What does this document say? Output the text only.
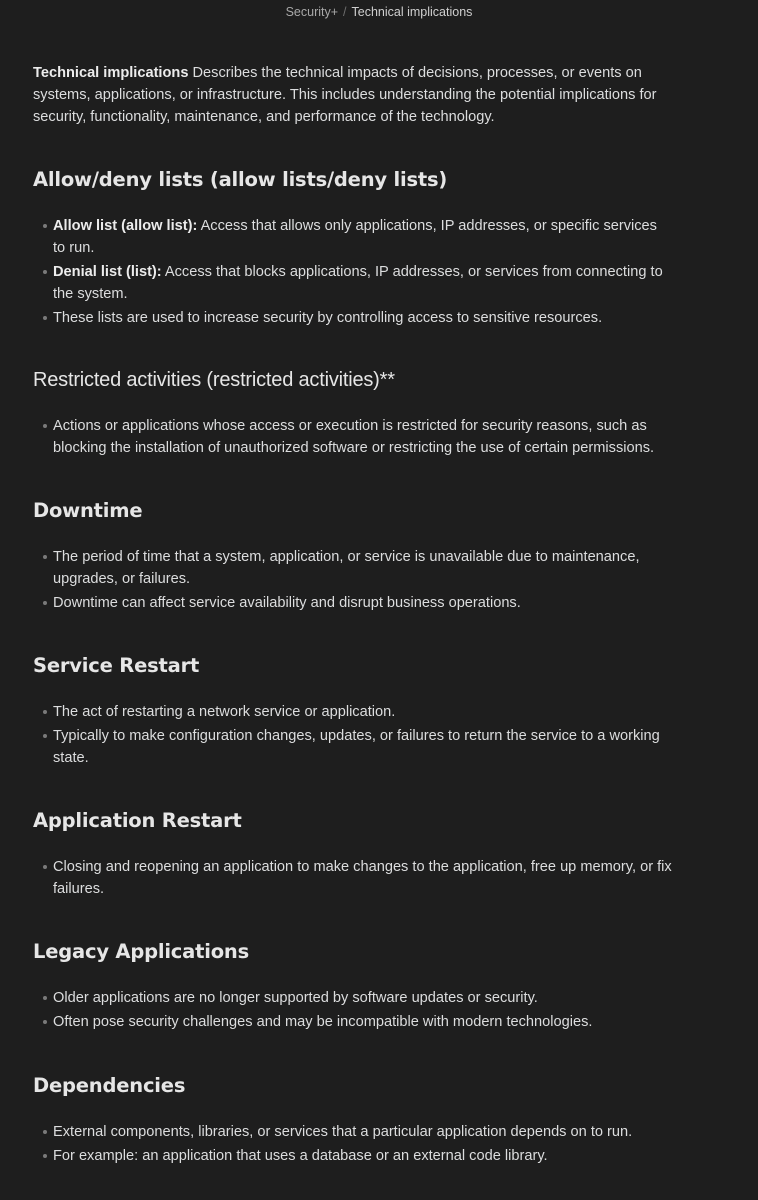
Security+ / Technical implications

Technical implications Describes the technical impacts of decisions, processes, or events on systems, applications, or infrastructure. This includes understanding the potential implications for security, functionality, maintenance, and performance of the technology.

Allow/deny lists (allow lists/deny lists)
Allow list (allow list): Access that allows only applications, IP addresses, or specific services to run.
Denial list (list): Access that blocks applications, IP addresses, or services from connecting to the system.
These lists are used to increase security by controlling access to sensitive resources.
Restricted activities (restricted activities)**
Actions or applications whose access or execution is restricted for security reasons, such as blocking the installation of unauthorized software or restricting the use of certain permissions.
Downtime
The period of time that a system, application, or service is unavailable due to maintenance, upgrades, or failures.
Downtime can affect service availability and disrupt business operations.
Service Restart
The act of restarting a network service or application.
Typically to make configuration changes, updates, or failures to return the service to a working state.
Application Restart
Closing and reopening an application to make changes to the application, free up memory, or fix failures.
Legacy Applications
Older applications are no longer supported by software updates or security.
Often pose security challenges and may be incompatible with modern technologies.
Dependencies
External components, libraries, or services that a particular application depends on to run.
For example: an application that uses a database or an external code library.
